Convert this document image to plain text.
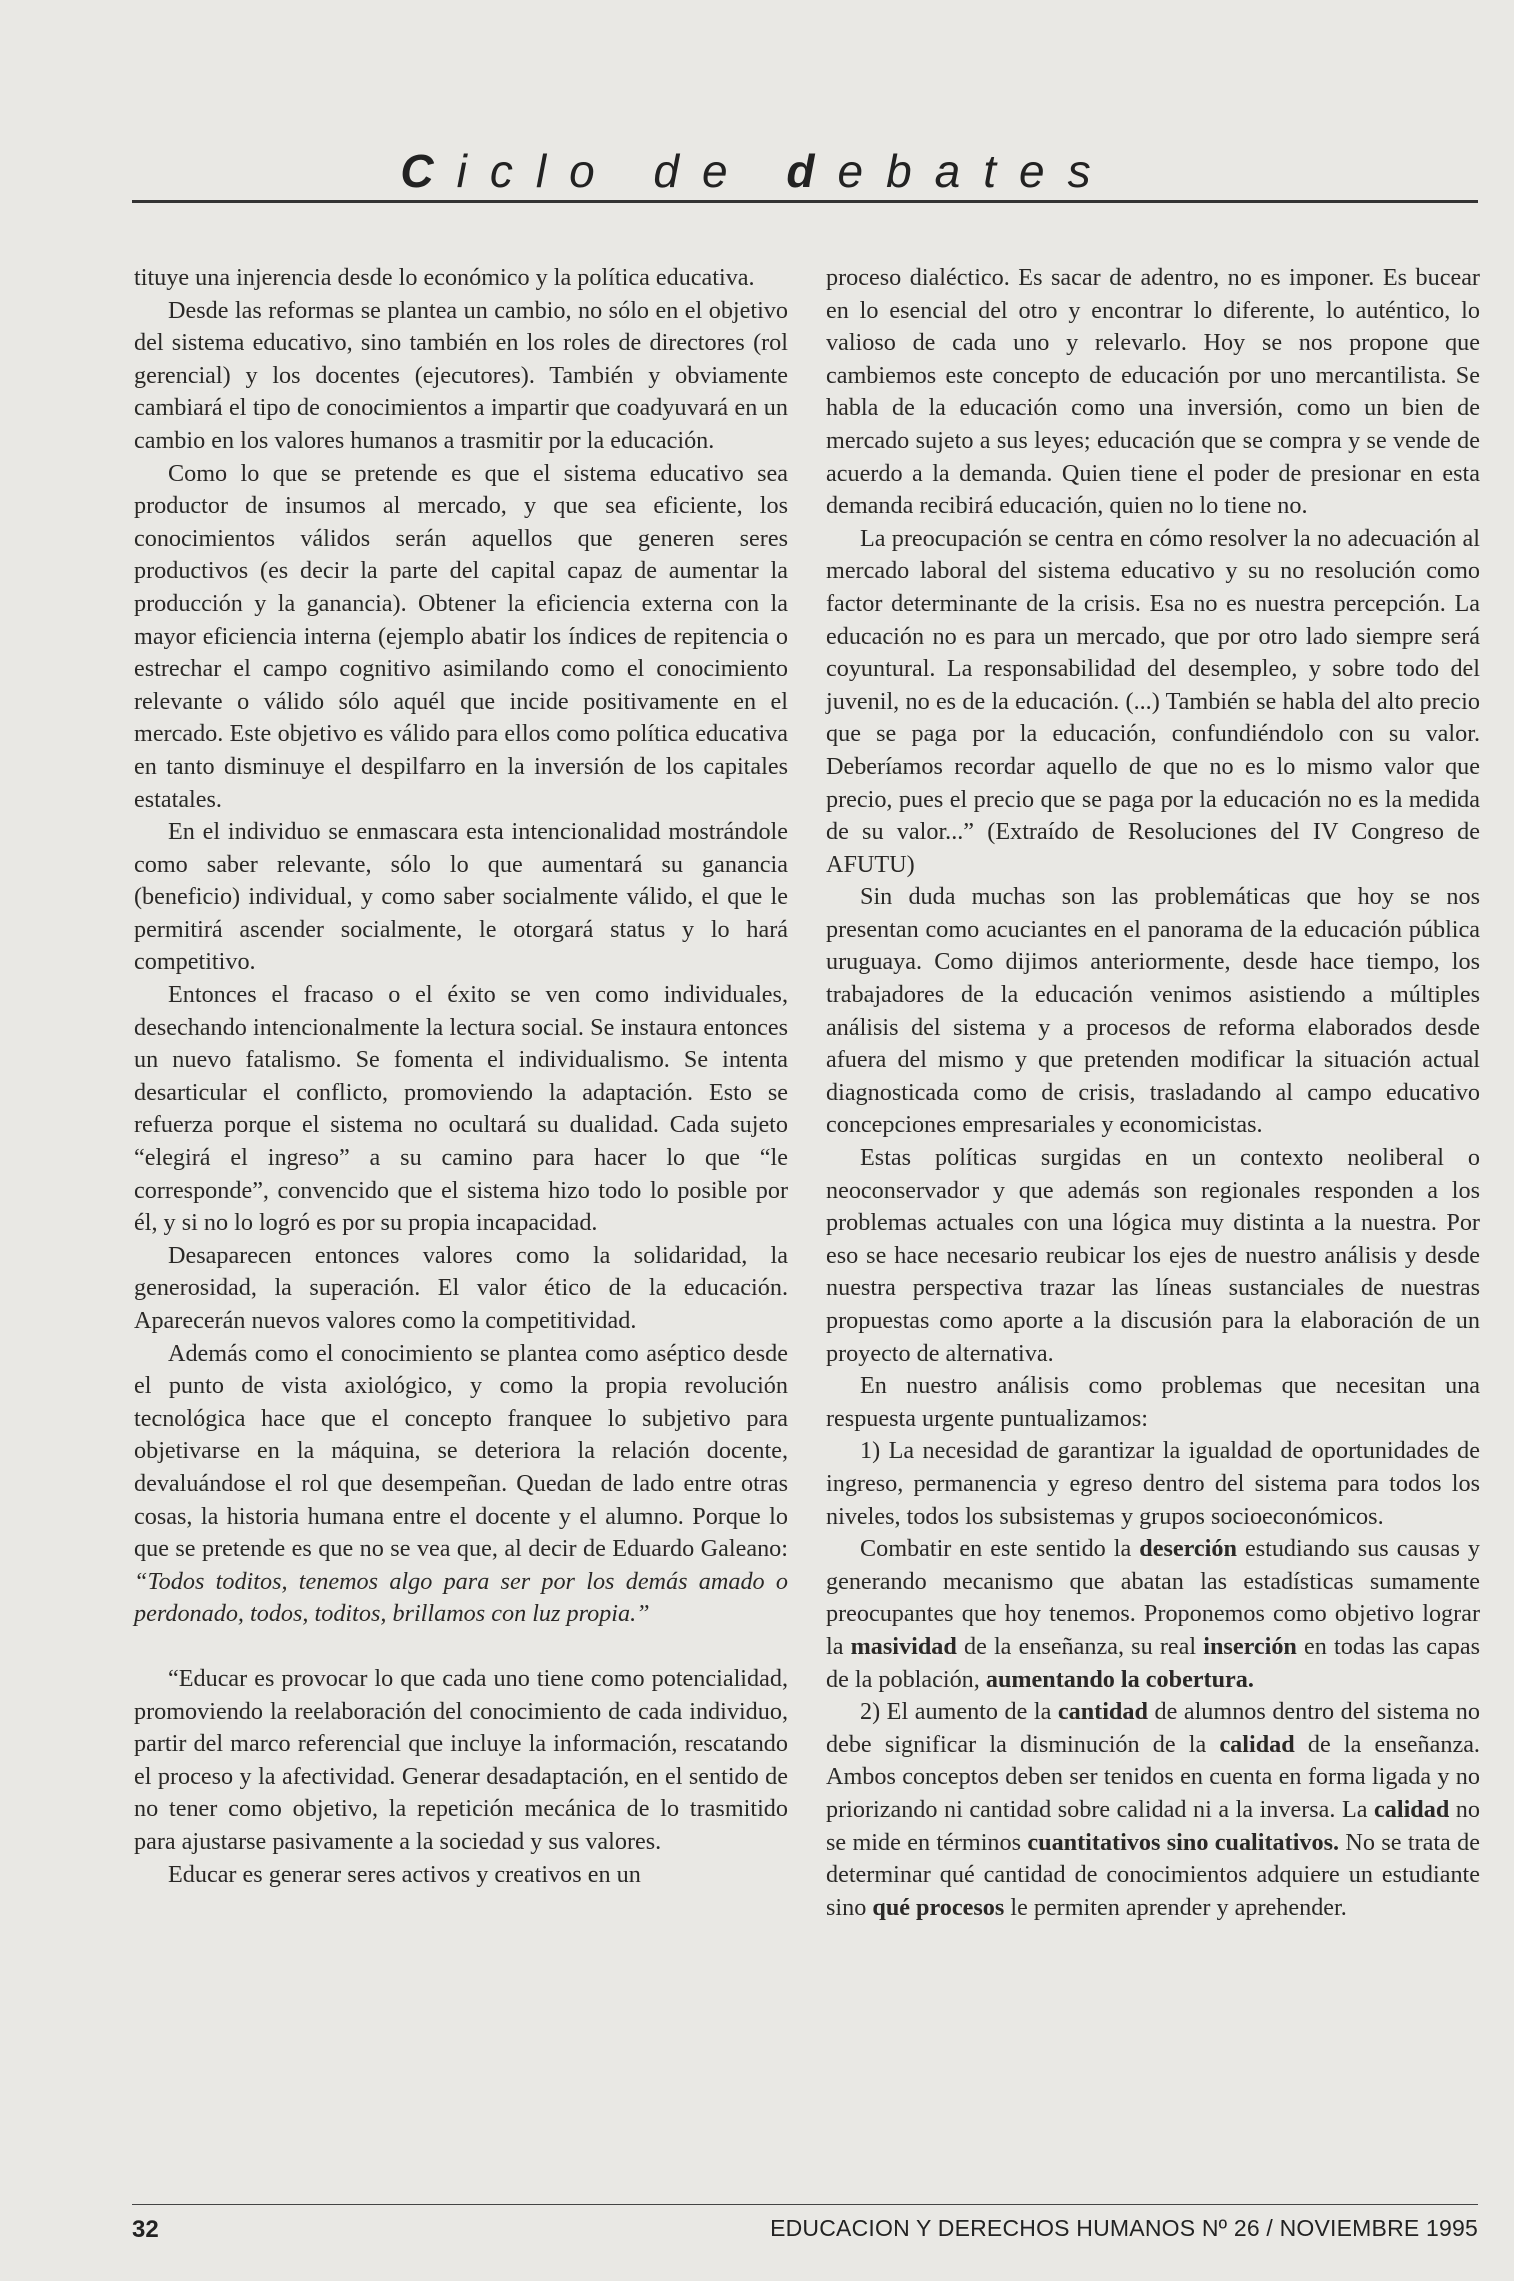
Ciclo de debates

tituye una injerencia desde lo económico y la política educativa.

Desde las reformas se plantea un cambio, no sólo en el objetivo del sistema educativo, sino también en los roles de directores (rol gerencial) y los docentes (ejecutores). También y obviamente cambiará el tipo de conocimientos a impartir que coadyuvará en un cambio en los valores humanos a trasmitir por la educación.

Como lo que se pretende es que el sistema educativo sea productor de insumos al mercado, y que sea eficiente, los conocimientos válidos serán aquellos que generen seres productivos (es decir la parte del capital capaz de aumentar la producción y la ganancia). Obtener la eficiencia externa con la mayor eficiencia interna (ejemplo abatir los índices de repitencia o estrechar el campo cognitivo asimilando como el conocimiento relevante o válido sólo aquél que incide positivamente en el mercado. Este objetivo es válido para ellos como política educativa en tanto disminuye el despilfarro en la inversión de los capitales estatales.

En el individuo se enmascara esta intencionalidad mostrándole como saber relevante, sólo lo que aumentará su ganancia (beneficio) individual, y como saber socialmente válido, el que le permitirá ascender socialmente, le otorgará status y lo hará competitivo.

Entonces el fracaso o el éxito se ven como individuales, desechando intencionalmente la lectura social. Se instaura entonces un nuevo fatalismo. Se fomenta el individualismo. Se intenta desarticular el conflicto, promoviendo la adaptación. Esto se refuerza porque el sistema no ocultará su dualidad. Cada sujeto “elegirá el ingreso” a su camino para hacer lo que “le corresponde”, convencido que el sistema hizo todo lo posible por él, y si no lo logró es por su propia incapacidad.

Desaparecen entonces valores como la solidaridad, la generosidad, la superación. El valor ético de la educación. Aparecerán nuevos valores como la competitividad.

Además como el conocimiento se plantea como aséptico desde el punto de vista axiológico, y como la propia revolución tecnológica hace que el concepto franquee lo subjetivo para objetivarse en la máquina, se deteriora la relación docente, devaluándose el rol que desempeñan. Quedan de lado entre otras cosas, la historia humana entre el docente y el alumno. Porque lo que se pretende es que no se vea que, al decir de Eduardo Galeano: “Todos toditos, tenemos algo para ser por los demás amado o perdonado, todos, toditos, brillamos con luz propia.”

“Educar es provocar lo que cada uno tiene como potencialidad, promoviendo la reelaboración del conocimiento de cada individuo, partir del marco referencial que incluye la información, rescatando el proceso y la afectividad. Generar desadaptación, en el sentido de no tener como objetivo, la repetición mecánica de lo trasmitido para ajustarse pasivamente a la sociedad y sus valores.

Educar es generar seres activos y creativos en un

proceso dialéctico. Es sacar de adentro, no es imponer. Es bucear en lo esencial del otro y encontrar lo diferente, lo auténtico, lo valioso de cada uno y relevarlo. Hoy se nos propone que cambiemos este concepto de educación por uno mercantilista. Se habla de la educación como una inversión, como un bien de mercado sujeto a sus leyes; educación que se compra y se vende de acuerdo a la demanda. Quien tiene el poder de presionar en esta demanda recibirá educación, quien no lo tiene no.

La preocupación se centra en cómo resolver la no adecuación al mercado laboral del sistema educativo y su no resolución como factor determinante de la crisis. Esa no es nuestra percepción. La educación no es para un mercado, que por otro lado siempre será coyuntural. La responsabilidad del desempleo, y sobre todo del juvenil, no es de la educación. (...) También se habla del alto precio que se paga por la educación, confundiéndolo con su valor. Deberíamos recordar aquello de que no es lo mismo valor que precio, pues el precio que se paga por la educación no es la medida de su valor...” (Extraído de Resoluciones del IV Congreso de AFUTU)

Sin duda muchas son las problemáticas que hoy se nos presentan como acuciantes en el panorama de la educación pública uruguaya. Como dijimos anteriormente, desde hace tiempo, los trabajadores de la educación venimos asistiendo a múltiples análisis del sistema y a procesos de reforma elaborados desde afuera del mismo y que pretenden modificar la situación actual diagnosticada como de crisis, trasladando al campo educativo concepciones empresariales y economicistas.

Estas políticas surgidas en un contexto neoliberal o neoconservador y que además son regionales responden a los problemas actuales con una lógica muy distinta a la nuestra. Por eso se hace necesario reubicar los ejes de nuestro análisis y desde nuestra perspectiva trazar las líneas sustanciales de nuestras propuestas como aporte a la discusión para la elaboración de un proyecto de alternativa.

En nuestro análisis como problemas que necesitan una respuesta urgente puntualizamos:

1) La necesidad de garantizar la igualdad de oportunidades de ingreso, permanencia y egreso dentro del sistema para todos los niveles, todos los subsistemas y grupos socioeconómicos.

Combatir en este sentido la deserción estudiando sus causas y generando mecanismo que abatan las estadísticas sumamente preocupantes que hoy tenemos. Proponemos como objetivo lograr la masividad de la enseñanza, su real inserción en todas las capas de la población, aumentando la cobertura.

2) El aumento de la cantidad de alumnos dentro del sistema no debe significar la disminución de la calidad de la enseñanza. Ambos conceptos deben ser tenidos en cuenta en forma ligada y no priorizando ni cantidad sobre calidad ni a la inversa. La calidad no se mide en términos cuantitativos sino cualitativos. No se trata de determinar qué cantidad de conocimientos adquiere un estudiante sino qué procesos le permiten aprender y aprehender.

32	EDUCACION Y DERECHOS HUMANOS Nº 26 / NOVIEMBRE 1995
